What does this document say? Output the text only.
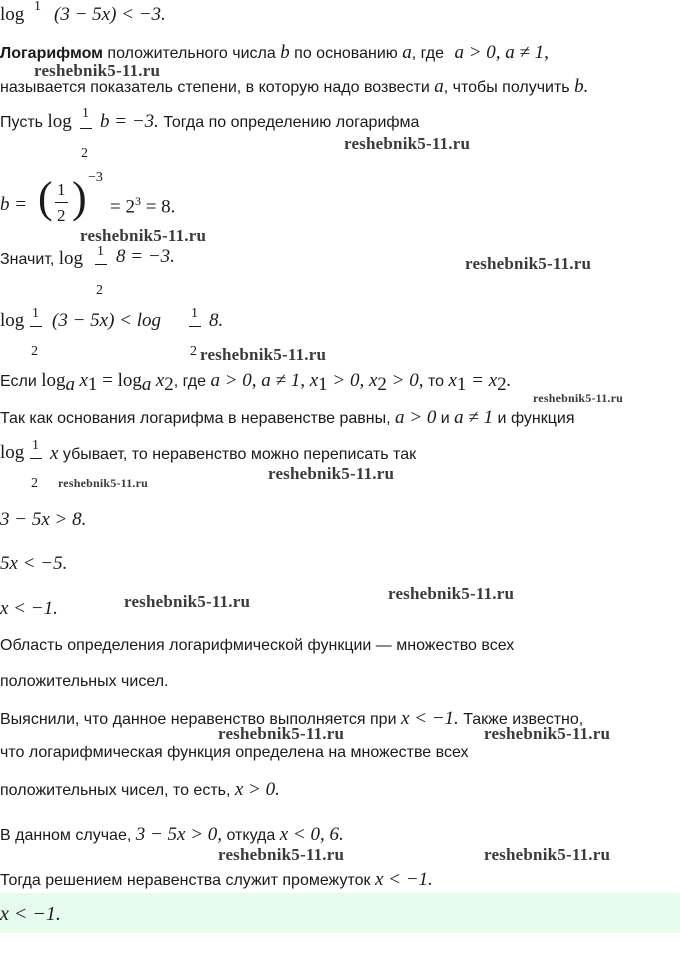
log 1 (3 − 5x) < −3.
Логарифмом положительного числа b по основанию a, где a > 0, a ≠ 1,
reshebnik5-11.ru
называется показатель степени, в которую надо возвести a, чтобы получить b.
Пусть log 1
2
b = −3. Тогда по определению логарифма
reshebnik5-11.ru
b = ( 1
2 ) −3
= $2^3 = 8$.
reshebnik5-11.ru
Значит, log 1
2
8 = −3.	reshebnik5-11.ru
log 1
2
(3 − 5x) < log 1
2
8.
reshebnik5-11.ru
Если $\log_a x_1 = \log_a x_2$, где a > 0, a ≠ 1, $x_1 > 0$, $x_2 > 0$, то $x_1 = x_2$.
reshebnik5-11.ru
Так как основания логарифма в неравенстве равны, a > 0 и a ≠ 1 и функция
log 1
2
x убывает, то неравенство можно переписать так
reshebnik5-11.ru	reshebnik5-11.ru
3 − 5x > 8.
5x < −5.
x < −1.	reshebnik5-11.ru	reshebnik5-11.ru
Область определения логарифмической функции — множество всех
положительных чисел.
Выяснили, что данное неравенство выполняется при x < −1. Также известно,
reshebnik5-11.ru	reshebnik5-11.ru
что логарифмическая функция определена на множестве всех
положительных чисел, то есть, x > 0.
В данном случае, 3 − 5x > 0, откуда x < 0, 6.
reshebnik5-11.ru	reshebnik5-11.ru
Тогда решением неравенства служит промежуток x < −1.
x < −1.
